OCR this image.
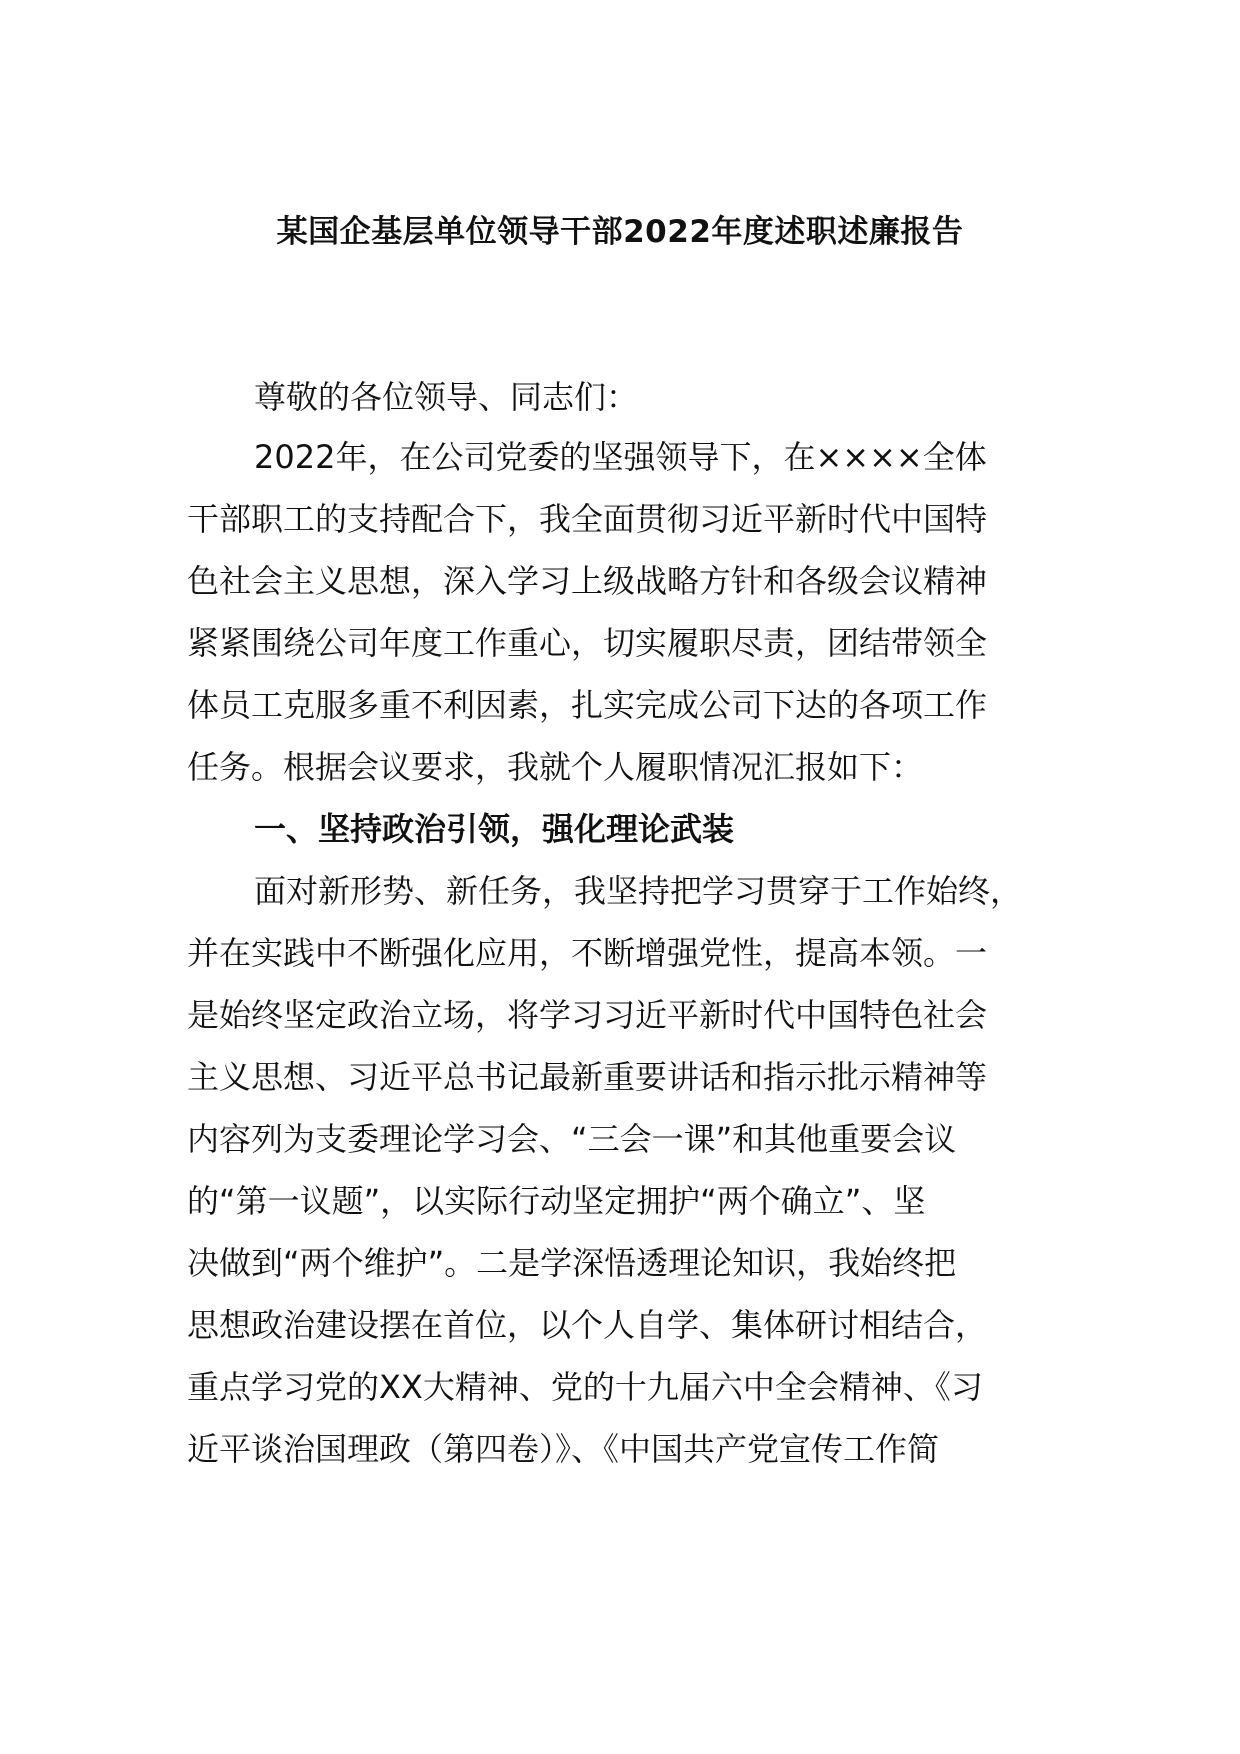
某国企基层单位领导干部2022年度述职述廉报告
尊敬的各位领导、同志们：
2022年，在公司党委的坚强领导下，在××××全体
干部职工的支持配合下，我全面贯彻习近平新时代中国特
色社会主义思想，深入学习上级战略方针和各级会议精神
紧紧围绕公司年度工作重心，切实履职尽责，团结带领全
体员工克服多重不利因素，扎实完成公司下达的各项工作
任务。根据会议要求，我就个人履职情况汇报如下：
一、坚持政治引领，强化理论武装
面对新形势、新任务，我坚持把学习贯穿于工作始终，
并在实践中不断强化应用，不断增强党性，提高本领。一
是始终坚定政治立场，将学习习近平新时代中国特色社会
主义思想、习近平总书记最新重要讲话和指示批示精神等
内容列为支委理论学习会、“三会一课”和其他重要会议
的“第一议题”，以实际行动坚定拥护“两个确立”、坚
决做到“两个维护”。二是学深悟透理论知识，我始终把
思想政治建设摆在首位，以个人自学、集体研讨相结合，
重点学习党的XX大精神、党的十九届六中全会精神、《习
近平谈治国理政（第四卷）》、《中国共产党宣传工作简
